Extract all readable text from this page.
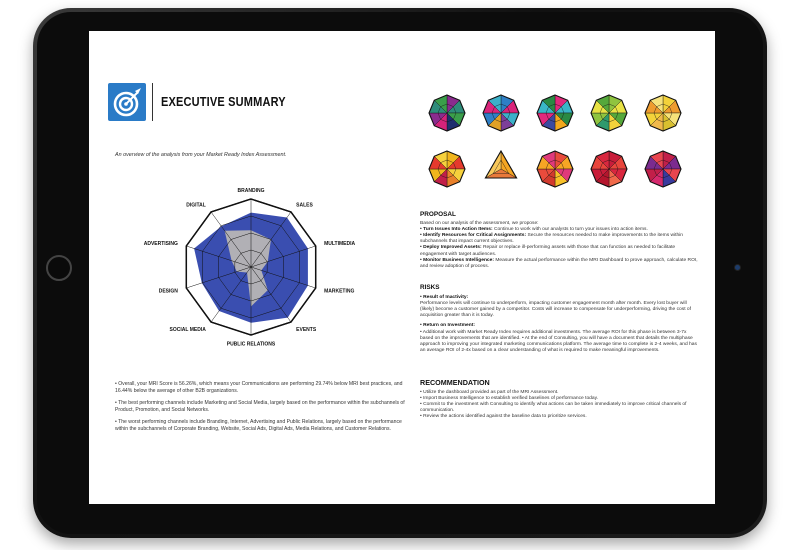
EXECUTIVE SUMMARY
An overview of the analysis from your Market Ready Index Assessment.
BRANDING
SALES
MULTIMEDIA
MARKETING
EVENTS
PUBLIC RELATIONS
SOCIAL MEDIA
DESIGN
ADVERTISING
DIGITAL

• Overall, your MRI Score is 56.26%, which means your Communications are performing 29.74% below MRI best practices, and 16.44% below the average of other B2B organizations.

• The best performing channels include Marketing and Social Media, largely based on the performance within the subchannels of Product, Promotion, and Social Networks.

• The worst performing channels include Branding, Internet, Advertising and Public Relations, largely based on the performance within the subchannels of Corporate Branding, Website, Social Ads, Digital Ads, Media Relations, and Customer Relations.

PROPOSAL

Based on our analysis of the assessment, we propose:

• Turn Issues Into Action Items: Continue to work with our analysts to turn your issues into action items.

• Identify Resources for Critical Assignments: Secure the resources needed to make improvements to the items within subchannels that impact current objectives.

• Deploy Improved Assets: Repair or replace ill-performing assets with those that can function as needed to facilitate engagement with target audiences.

• Monitor Business Intelligence: Measure the actual performance within the MRI Dashboard to prove approach, calculate ROI, and review adoption of process.

RISKS

• Result of Inactivity:

Performance levels will continue to underperform, impacting customer engagement month after month. Every lost buyer will (likely) become a customer gained by a competitor. Costs will increase to compensate for underperforming, driving the cost of acquisition greater than it is today.

• Return on Investment:

• Additional work with Market Ready Index requires additional investments. The average ROI for this phase is between 3-7x based on the improvements that are identified. • At the end of Consulting, you will have a document that details the multiphase approach to improving your integrated marketing communications platform. The average time to complete is 2-4 weeks, and has an average ROI of 2-4x based on a clear understanding of what is required to make meaningful improvements.

RECOMMENDATION

• Utilize the dashboard provided as part of the MRI Assessment.

• Import Business Intelligence to establish verified baselines of performance today.

• Commit to the investment with Consulting to identify what actions can be taken immediately to improve critical channels of communication.

• Review the actions identified against the baseline data to prioritize services.
